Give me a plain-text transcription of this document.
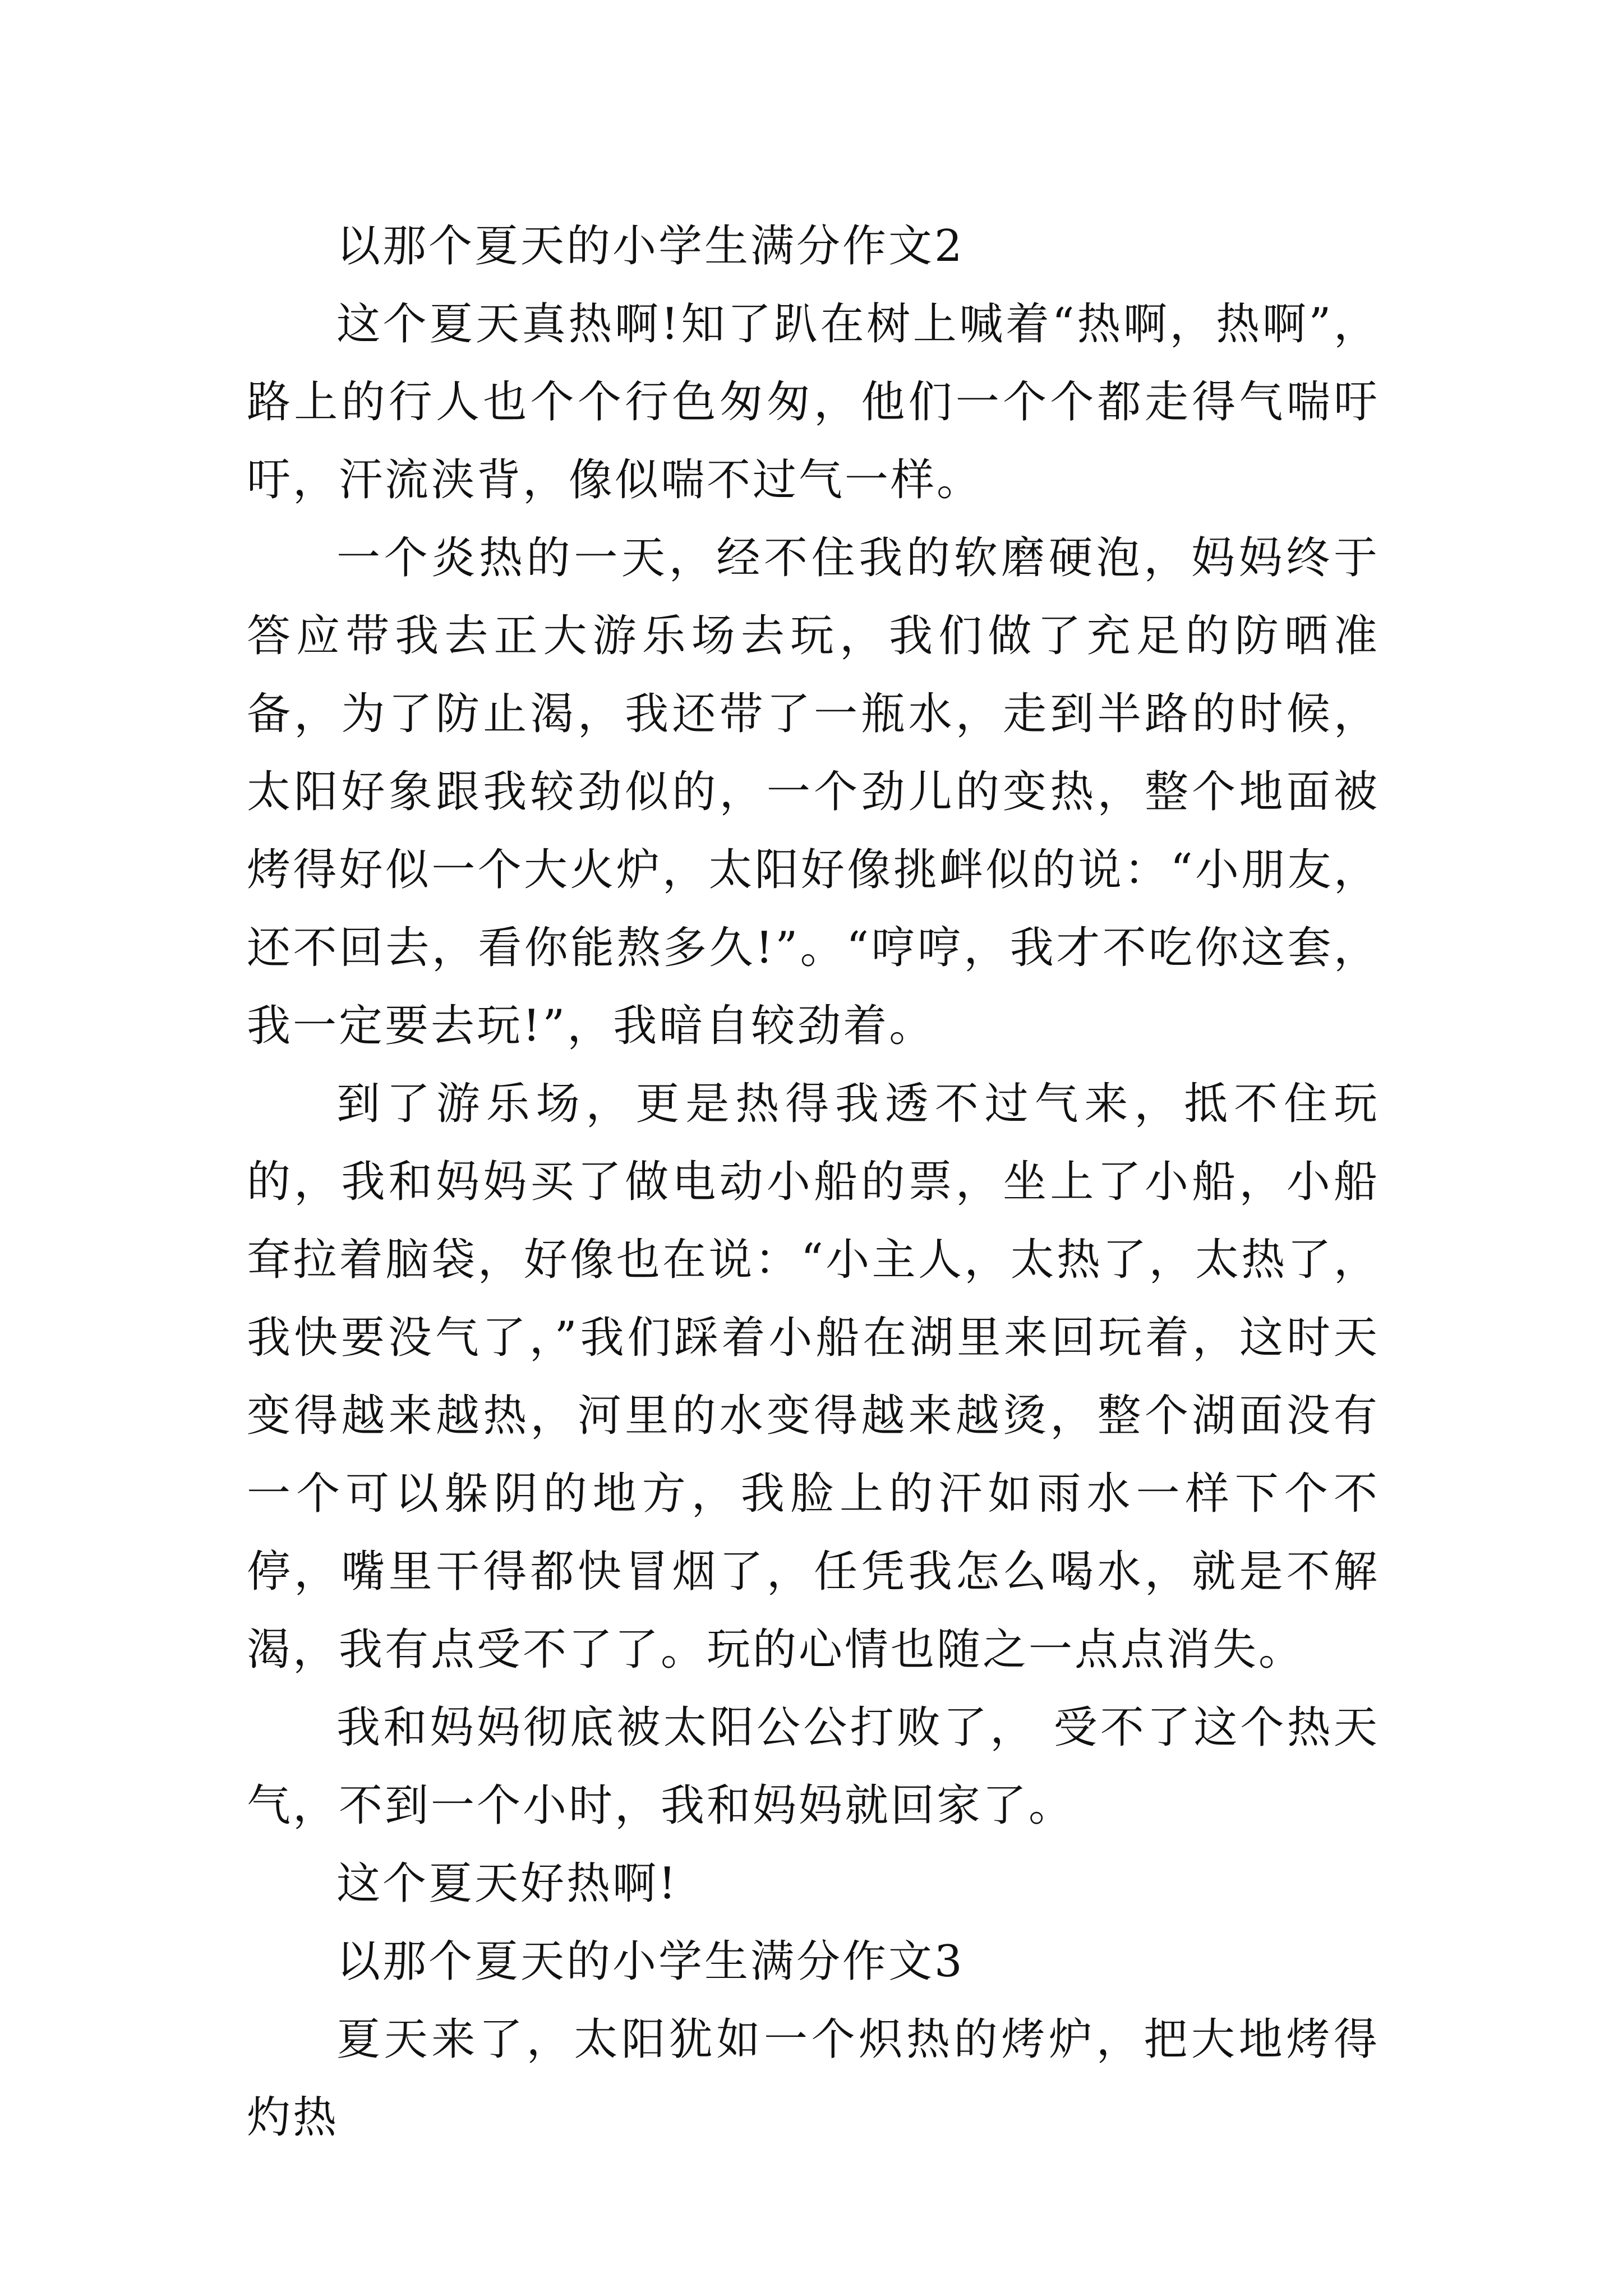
以那个夏天的小学生满分作文2

这个夏天真热啊!知了趴在树上喊着“热啊，热啊”，路上的行人也个个行色匆匆，他们一个个都走得气喘吁吁，汗流浃背，像似喘不过气一样。

一个炎热的一天，经不住我的软磨硬泡，妈妈终于答应带我去正大游乐场去玩，我们做了充足的防晒准备，为了防止渴，我还带了一瓶水，走到半路的时候，太阳好象跟我较劲似的，一个劲儿的变热，整个地面被烤得好似一个大火炉，太阳好像挑衅似的说：“小朋友，还不回去，看你能熬多久!”。“哼哼，我才不吃你这套，我一定要去玩!”，我暗自较劲着。

到了游乐场，更是热得我透不过气来，抵不住玩的，我和妈妈买了做电动小船的票，坐上了小船，小船耷拉着脑袋，好像也在说：“小主人，太热了，太热了，我快要没气了，”我们踩着小船在湖里来回玩着，这时天变得越来越热，河里的水变得越来越烫，整个湖面没有一个可以躲阴的地方，我脸上的汗如雨水一样下个不停，嘴里干得都快冒烟了，任凭我怎么喝水，就是不解渴，我有点受不了了。玩的心情也随之一点点消失。

我和妈妈彻底被太阳公公打败了， 受不了这个热天气，不到一个小时，我和妈妈就回家了。

这个夏天好热啊!

以那个夏天的小学生满分作文3

夏天来了，太阳犹如一个炽热的烤炉，把大地烤得灼热
